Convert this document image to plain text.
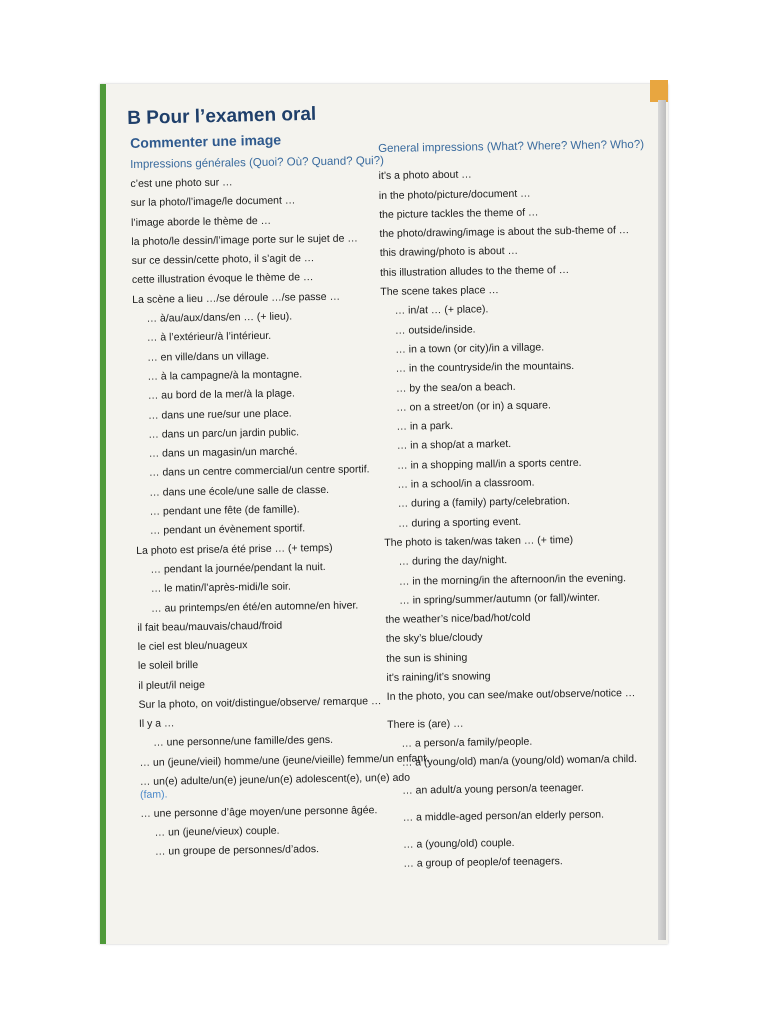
B Pour l’examen oral
Commenter une image
Impressions générales (Quoi? Où? Quand? Qui?)
c’est une photo sur …
sur la photo/l’image/le document …
l’image aborde le thème de …
la photo/le dessin/l’image porte sur le sujet de …
sur ce dessin/cette photo, il s’agit de …
cette illustration évoque le thème de …
La scène a lieu …/se déroule …/se passe …
… à/au/aux/dans/en … (+ lieu).
… à l’extérieur/à l’intérieur.
… en ville/dans un village.
… à la campagne/à la montagne.
… au bord de la mer/à la plage.
… dans une rue/sur une place.
… dans un parc/un jardin public.
… dans un magasin/un marché.
… dans un centre commercial/un centre sportif.
… dans une école/une salle de classe.
… pendant une fête (de famille).
… pendant un évènement sportif.
La photo est prise/a été prise … (+ temps)
… pendant la journée/pendant la nuit.
… le matin/l’après-midi/le soir.
… au printemps/en été/en automne/en hiver.
il fait beau/mauvais/chaud/froid
le ciel est bleu/nuageux
le soleil brille
il pleut/il neige
Sur la photo, on voit/distingue/observe/ remarque …
Il y a …
… une personne/une famille/des gens.
… un (jeune/vieil) homme/une (jeune/vieille) femme/un enfant.
… un(e) adulte/un(e) jeune/un(e) adolescent(e), un(e) ado (fam).
… une personne d’âge moyen/une personne âgée.
… un (jeune/vieux) couple.
… un groupe de personnes/d’ados.
General impressions (What? Where? When? Who?)
it’s a photo about …
in the photo/picture/document …
the picture tackles the theme of …
the photo/drawing/image is about the sub-theme of …
this drawing/photo is about …
this illustration alludes to the theme of …
The scene takes place …
… in/at … (+ place).
… outside/inside.
… in a town (or city)/in a village.
… in the countryside/in the mountains.
… by the sea/on a beach.
… on a street/on (or in) a square.
… in a park.
… in a shop/at a market.
… in a shopping mall/in a sports centre.
… in a school/in a classroom.
… during a (family) party/celebration.
… during a sporting event.
The photo is taken/was taken … (+ time)
… during the day/night.
… in the morning/in the afternoon/in the evening.
… in spring/summer/autumn (or fall)/winter.
the weather’s nice/bad/hot/cold
the sky’s blue/cloudy
the sun is shining
it’s raining/it’s snowing
In the photo, you can see/make out/observe/notice …
There is (are) …
… a person/a family/people.
… a (young/old) man/a (young/old) woman/a child.
… an adult/a young person/a teenager.
… a middle-aged person/an elderly person.
… a (young/old) couple.
… a group of people/of teenagers.
